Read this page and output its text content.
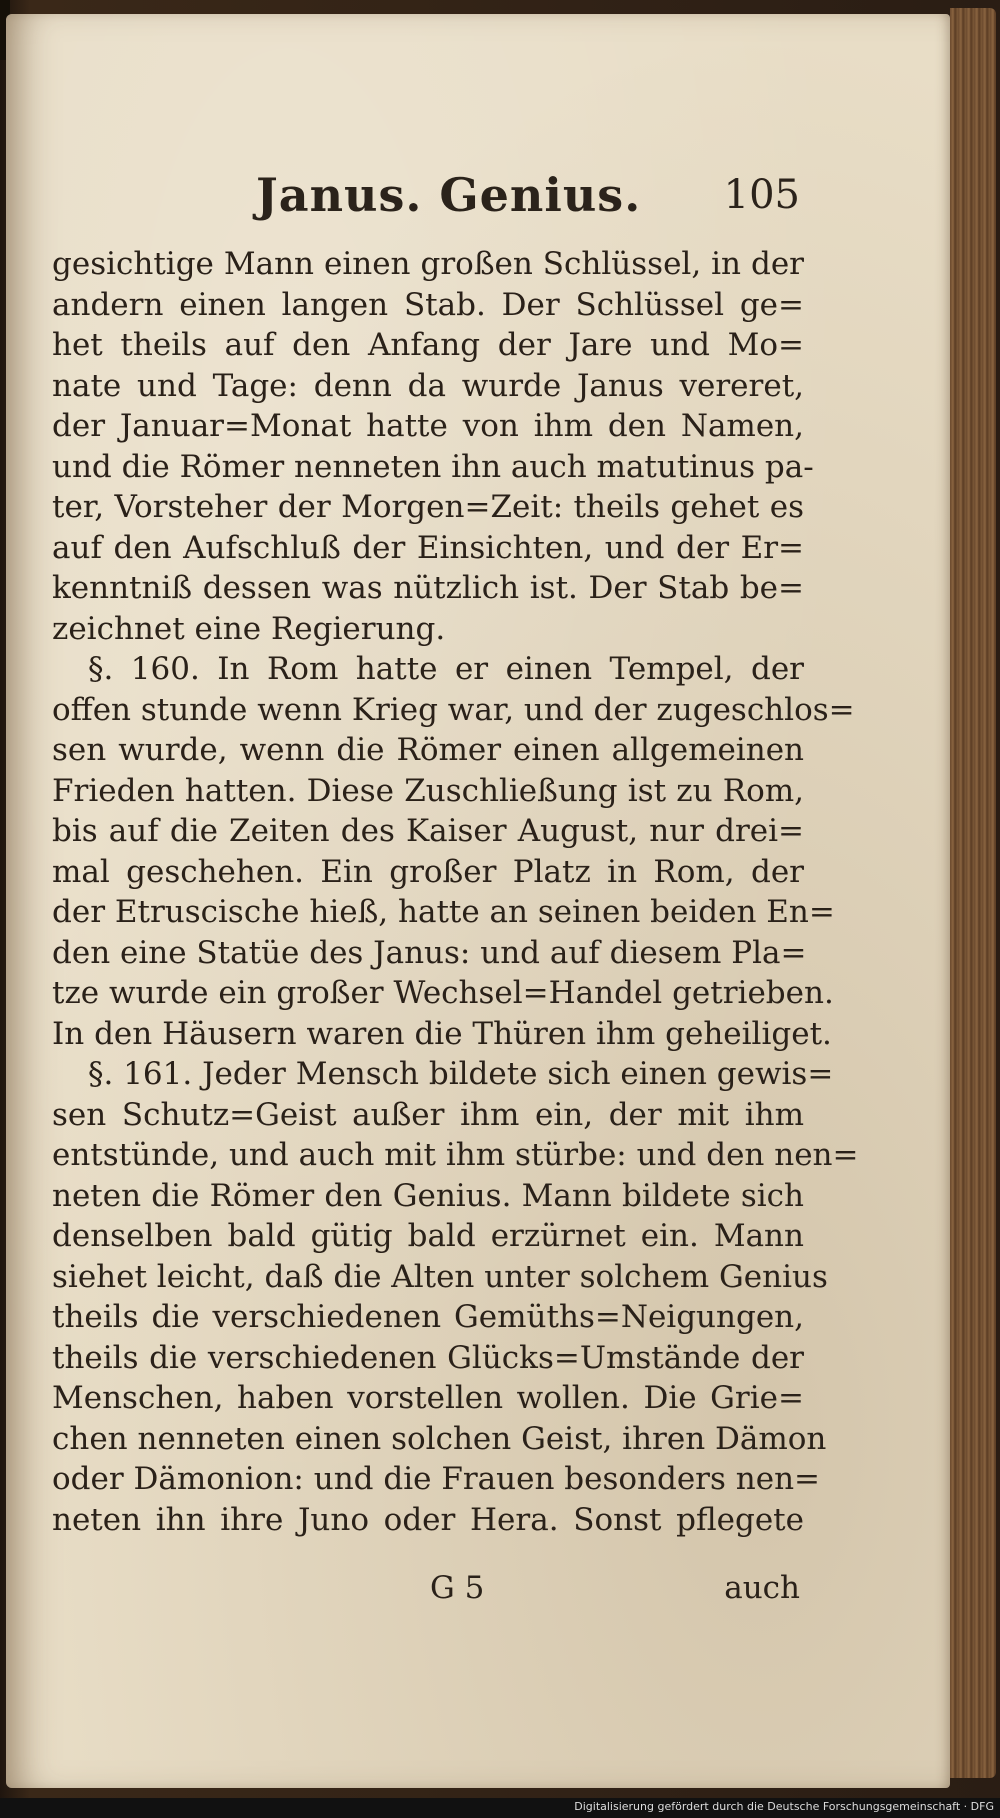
Janus. Genius. 105
gesichtige Mann einen großen Schlüssel, in der
andern einen langen Stab. Der Schlüssel ge=
het theils auf den Anfang der Jare und Mo=
nate und Tage: denn da wurde Janus vereret,
der Januar=Monat hatte von ihm den Namen,
und die Römer nenneten ihn auch matutinus pa-
ter, Vorsteher der Morgen=Zeit: theils gehet es
auf den Aufschluß der Einsichten, und der Er=
kenntniß dessen was nützlich ist. Der Stab be=
zeichnet eine Regierung.
§. 160. In Rom hatte er einen Tempel, der
offen stunde wenn Krieg war, und der zugeschlos=
sen wurde, wenn die Römer einen allgemeinen
Frieden hatten. Diese Zuschließung ist zu Rom,
bis auf die Zeiten des Kaiser August, nur drei=
mal geschehen. Ein großer Platz in Rom, der
der Etruscische hieß, hatte an seinen beiden En=
den eine Statüe des Janus: und auf diesem Pla=
tze wurde ein großer Wechsel=Handel getrieben.
In den Häusern waren die Thüren ihm geheiliget.
§. 161. Jeder Mensch bildete sich einen gewis=
sen Schutz=Geist außer ihm ein, der mit ihm
entstünde, und auch mit ihm stürbe: und den nen=
neten die Römer den Genius. Mann bildete sich
denselben bald gütig bald erzürnet ein. Mann
siehet leicht, daß die Alten unter solchem Genius
theils die verschiedenen Gemüths=Neigungen,
theils die verschiedenen Glücks=Umstände der
Menschen, haben vorstellen wollen. Die Grie=
chen nenneten einen solchen Geist, ihren Dämon
oder Dämonion: und die Frauen besonders nen=
neten ihn ihre Juno oder Hera. Sonst pflegete
G 5	auch
Digitalisierung gefördert durch die Deutsche Forschungsgemeinschaft · DFG
